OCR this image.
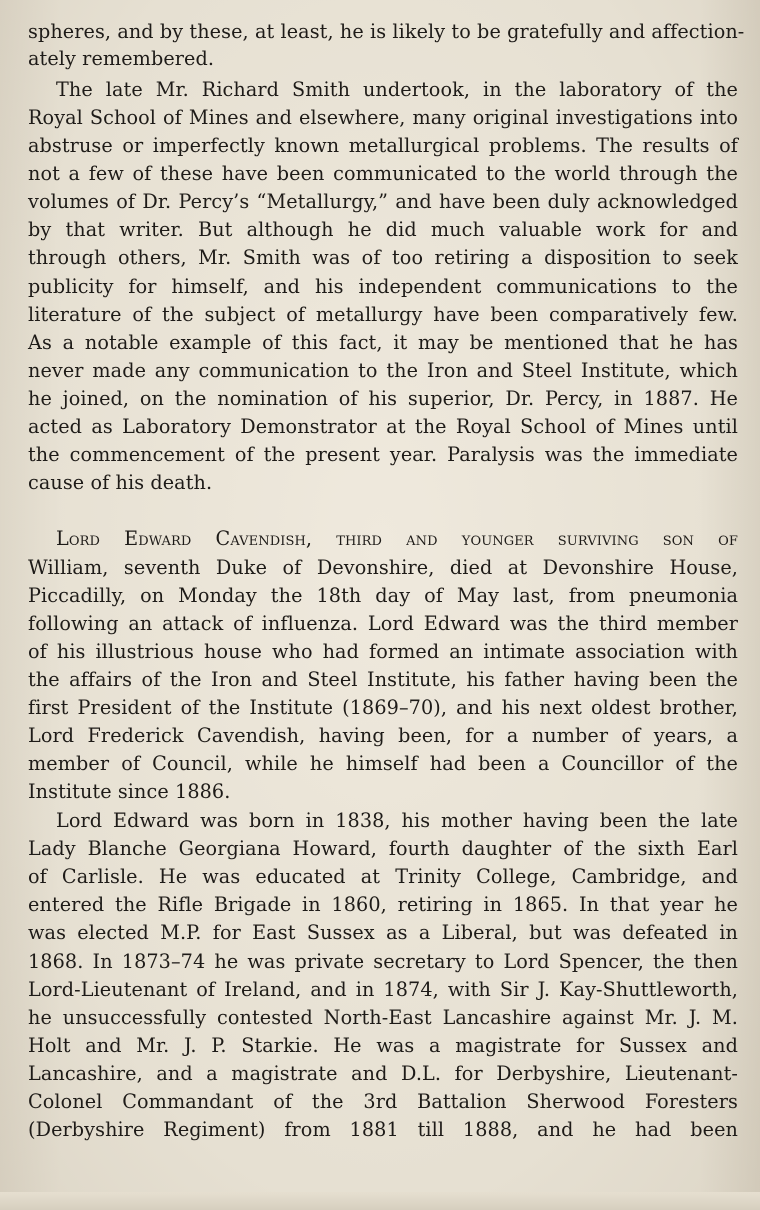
spheres, and by these, at least, he is likely to be gratefully and affection-
ately remembered.
The late Mr. Richard Smith undertook, in the laboratory of the
Royal School of Mines and elsewhere, many original investigations into
abstruse or imperfectly known metallurgical problems. The results of
not a few of these have been communicated to the world through the
volumes of Dr. Percy’s “Metallurgy,” and have been duly acknowledged
by that writer. But although he did much valuable work for and
through others, Mr. Smith was of too retiring a disposition to seek
publicity for himself, and his independent communications to the
literature of the subject of metallurgy have been comparatively few.
As a notable example of this fact, it may be mentioned that he has
never made any communication to the Iron and Steel Institute, which
he joined, on the nomination of his superior, Dr. Percy, in 1887. He
acted as Laboratory Demonstrator at the Royal School of Mines until
the commencement of the present year. Paralysis was the immediate
cause of his death.
Lord Edward Cavendish, third and younger surviving son of
William, seventh Duke of Devonshire, died at Devonshire House,
Piccadilly, on Monday the 18th day of May last, from pneumonia
following an attack of influenza. Lord Edward was the third member
of his illustrious house who had formed an intimate association with
the affairs of the Iron and Steel Institute, his father having been the
first President of the Institute (1869–70), and his next oldest brother,
Lord Frederick Cavendish, having been, for a number of years, a
member of Council, while he himself had been a Councillor of the
Institute since 1886.
Lord Edward was born in 1838, his mother having been the late
Lady Blanche Georgiana Howard, fourth daughter of the sixth Earl
of Carlisle. He was educated at Trinity College, Cambridge, and
entered the Rifle Brigade in 1860, retiring in 1865. In that year he
was elected M.P. for East Sussex as a Liberal, but was defeated in
1868. In 1873–74 he was private secretary to Lord Spencer, the then
Lord-Lieutenant of Ireland, and in 1874, with Sir J. Kay-Shuttleworth,
he unsuccessfully contested North-East Lancashire against Mr. J. M.
Holt and Mr. J. P. Starkie. He was a magistrate for Sussex and
Lancashire, and a magistrate and D.L. for Derbyshire, Lieutenant-
Colonel Commandant of the 3rd Battalion Sherwood Foresters
(Derbyshire Regiment) from 1881 till 1888, and he had been
